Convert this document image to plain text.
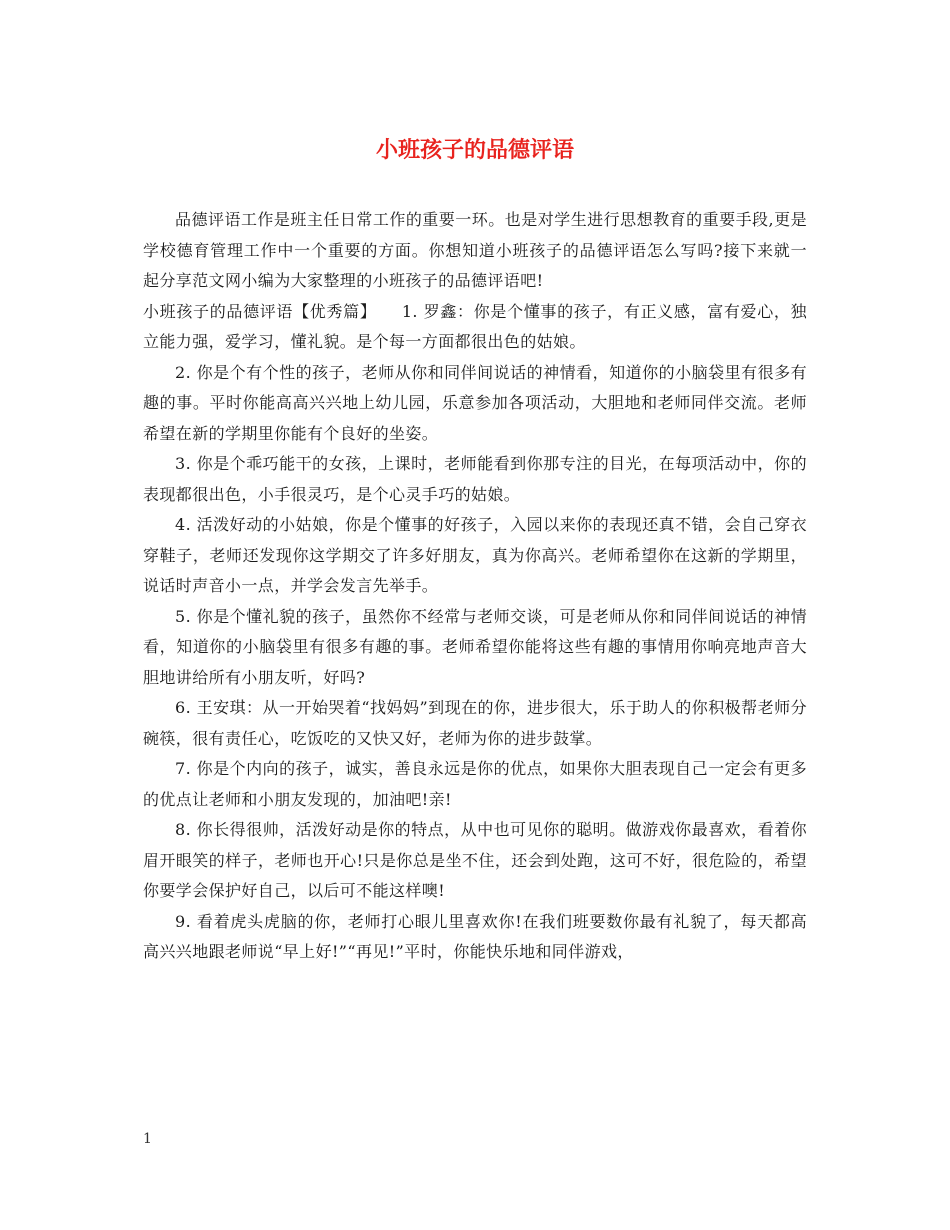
小班孩子的品德评语

品德评语工作是班主任日常工作的重要一环。也是对学生进行思想教育的重要手段,更是学校德育管理工作中一个重要的方面。你想知道小班孩子的品德评语怎么写吗?接下来就一起分享范文网小编为大家整理的小班孩子的品德评语吧!

小班孩子的品德评语【优秀篇】　　1. 罗鑫：你是个懂事的孩子，有正义感，富有爱心，独立能力强，爱学习，懂礼貌。是个每一方面都很出色的姑娘。

2. 你是个有个性的孩子，老师从你和同伴间说话的神情看，知道你的小脑袋里有很多有趣的事。平时你能高高兴兴地上幼儿园，乐意参加各项活动，大胆地和老师同伴交流。老师希望在新的学期里你能有个良好的坐姿。

3. 你是个乖巧能干的女孩，上课时，老师能看到你那专注的目光，在每项活动中，你的表现都很出色，小手很灵巧，是个心灵手巧的姑娘。

4. 活泼好动的小姑娘，你是个懂事的好孩子，入园以来你的表现还真不错，会自己穿衣穿鞋子，老师还发现你这学期交了许多好朋友，真为你高兴。老师希望你在这新的学期里，说话时声音小一点，并学会发言先举手。

5. 你是个懂礼貌的孩子，虽然你不经常与老师交谈，可是老师从你和同伴间说话的神情看，知道你的小脑袋里有很多有趣的事。老师希望你能将这些有趣的事情用你响亮地声音大胆地讲给所有小朋友听，好吗?

6. 王安琪：从一开始哭着“找妈妈”到现在的你，进步很大，乐于助人的你积极帮老师分碗筷，很有责任心，吃饭吃的又快又好，老师为你的进步鼓掌。

7. 你是个内向的孩子，诚实，善良永远是你的优点，如果你大胆表现自己一定会有更多的优点让老师和小朋友发现的，加油吧!亲!

8. 你长得很帅，活泼好动是你的特点，从中也可见你的聪明。做游戏你最喜欢，看着你眉开眼笑的样子，老师也开心!只是你总是坐不住，还会到处跑，这可不好，很危险的，希望你要学会保护好自己，以后可不能这样噢!

9. 看着虎头虎脑的你，老师打心眼儿里喜欢你!在我们班要数你最有礼貌了，每天都高高兴兴地跟老师说“早上好!”“再见!”平时，你能快乐地和同伴游戏，

1
